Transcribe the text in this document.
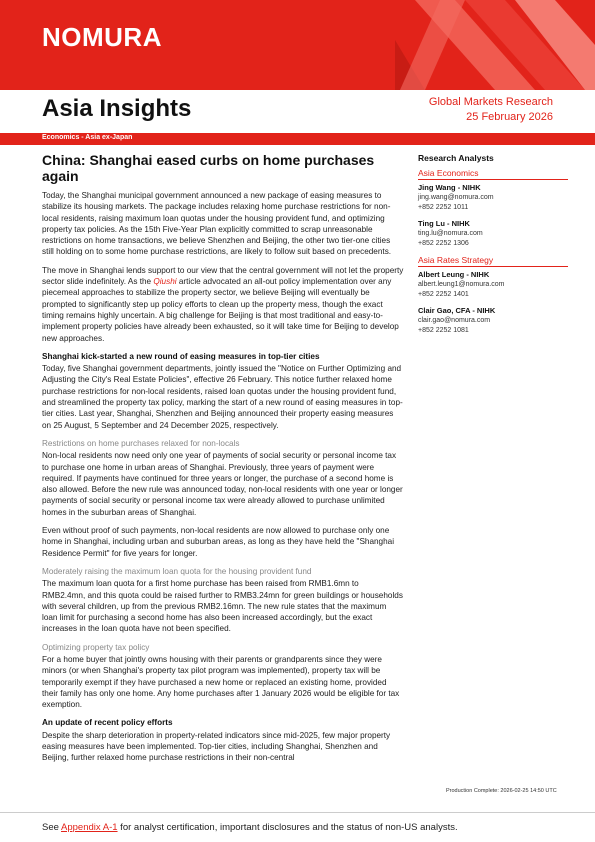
NOMURA
Asia Insights	Global Markets Research
25 February 2026
Economics - Asia ex-Japan
China: Shanghai eased curbs on home purchases again
Today, the Shanghai municipal government announced a new package of easing measures to stabilize its housing markets. The package includes relaxing home purchase restrictions for non-local residents, raising maximum loan quotas under the housing provident fund, and optimizing property tax policies. As the 15th Five-Year Plan explicitly committed to scrap unreasonable restrictions on home transactions, we believe Shenzhen and Beijing, the other two tier-one cities still holding on to some home purchase restrictions, are likely to follow suit based on precedents.
The move in Shanghai lends support to our view that the central government will not let the property sector slide indefinitely. As the Qiushi article advocated an all-out policy implementation over any piecemeal approaches to stabilize the property sector, we believe Beijing will eventually be prompted to significantly step up policy efforts to clean up the property mess, though the exact timing remains highly uncertain. A big challenge for Beijing is that most traditional and easy-to-implement property policies have already been exhausted, so it will take time for Beijing to develop new approaches.
Shanghai kick-started a new round of easing measures in top-tier cities
Today, five Shanghai government departments, jointly issued the "Notice on Further Optimizing and Adjusting the City's Real Estate Policies", effective 26 February. This notice further relaxed home purchase restrictions for non-local residents, raised loan quotas under the housing provident fund, and streamlined the property tax policy, marking the start of a new round of easing measures in top-tier cities. Last year, Shanghai, Shenzhen and Beijing announced their property easing measures on 25 August, 5 September and 24 December 2025, respectively.
Restrictions on home purchases relaxed for non-locals
Non-local residents now need only one year of payments of social security or personal income tax to purchase one home in urban areas of Shanghai. Previously, three years of payment were required. If payments have continued for three years or longer, the purchase of a second home is also allowed. Before the new rule was announced today, non-local residents with one year or longer payments of social security or personal income tax were already allowed to purchase unlimited homes in the suburban areas of Shanghai.
Even without proof of such payments, non-local residents are now allowed to purchase only one home in Shanghai, including urban and suburban areas, as long as they have held the "Shanghai Residence Permit" for five years for longer.
Moderately raising the maximum loan quota for the housing provident fund
The maximum loan quota for a first home purchase has been raised from RMB1.6mn to RMB2.4mn, and this quota could be raised further to RMB3.24mn for green buildings or households with several children, up from the previous RMB2.16mn. The new rule states that the maximum loan limit for purchasing a second home has also been increased accordingly, but the exact increases in the loan quota have not been specified.
Optimizing property tax policy
For a home buyer that jointly owns housing with their parents or grandparents since they were minors (or when Shanghai's property tax pilot program was implemented), property tax will be temporarily exempt if they have purchased a new home or replaced an existing home, provided their family has only one home. Any home purchases after 1 January 2026 would be eligible for tax exemption.
An update of recent policy efforts
Despite the sharp deterioration in property-related indicators since mid-2025, few major property easing measures have been implemented. Top-tier cities, including Shanghai, Shenzhen and Beijing, further relaxed home purchase restrictions in their non-central
Research Analysts
Asia Economics
Jing Wang - NIHK
jing.wang@nomura.com
+852 2252 1011
Ting Lu - NIHK
ting.lu@nomura.com
+852 2252 1306
Asia Rates Strategy
Albert Leung - NIHK
albert.leung1@nomura.com
+852 2252 1401
Clair Gao, CFA - NIHK
clair.gao@nomura.com
+852 2252 1081
Production Complete: 2026-02-25 14:50 UTC
See Appendix A-1 for analyst certification, important disclosures and the status of non-US analysts.
